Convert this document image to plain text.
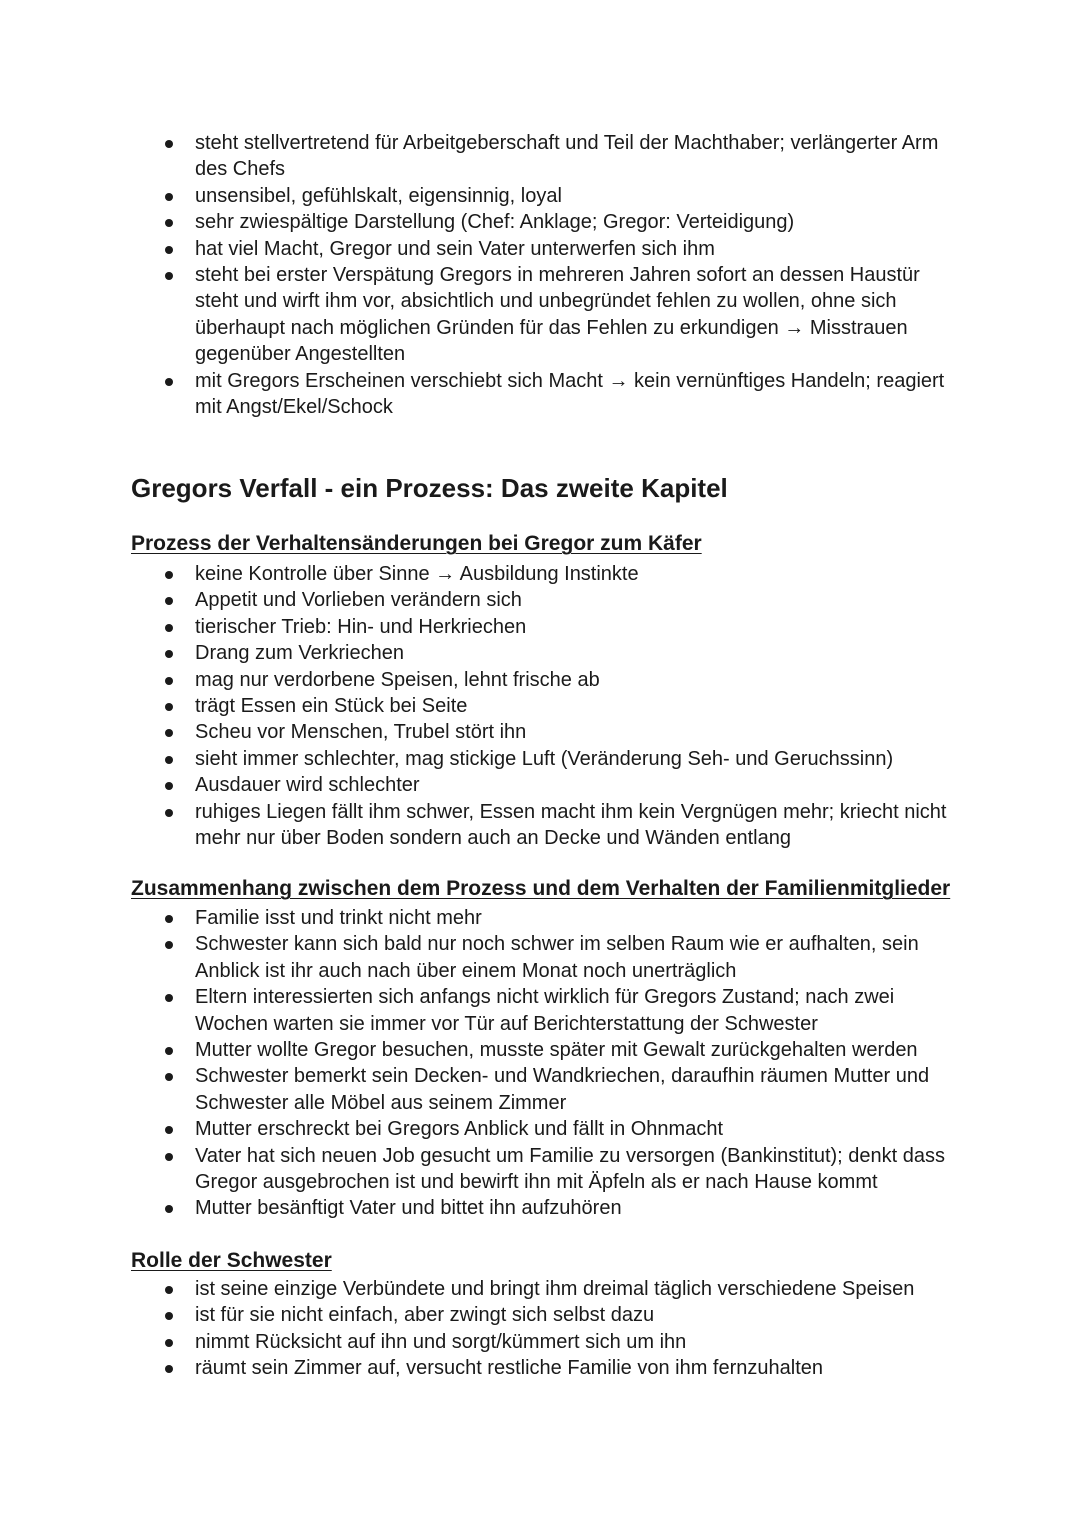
steht stellvertretend für Arbeitgeberschaft und Teil der Machthaber; verlängerter Arm des Chefs
unsensibel, gefühlskalt, eigensinnig, loyal
sehr zwiespältige Darstellung (Chef: Anklage; Gregor: Verteidigung)
hat viel Macht, Gregor und sein Vater unterwerfen sich ihm
steht bei erster Verspätung Gregors in mehreren Jahren sofort an dessen Haustür steht und wirft ihm vor, absichtlich und unbegründet fehlen zu wollen, ohne sich überhaupt nach möglichen Gründen für das Fehlen zu erkundigen → Misstrauen gegenüber Angestellten
mit Gregors Erscheinen verschiebt sich Macht → kein vernünftiges Handeln; reagiert mit Angst/Ekel/Schock
Gregors Verfall - ein Prozess: Das zweite Kapitel
Prozess der Verhaltensänderungen bei Gregor zum Käfer
keine Kontrolle über Sinne → Ausbildung Instinkte
Appetit und Vorlieben verändern sich
tierischer Trieb: Hin- und Herkriechen
Drang zum Verkriechen
mag nur verdorbene Speisen, lehnt frische ab
trägt Essen ein Stück bei Seite
Scheu vor Menschen, Trubel stört ihn
sieht immer schlechter, mag stickige Luft (Veränderung Seh- und Geruchssinn)
Ausdauer wird schlechter
ruhiges Liegen fällt ihm schwer, Essen macht ihm kein Vergnügen mehr; kriecht nicht mehr nur über Boden sondern auch an Decke und Wänden entlang
Zusammenhang zwischen dem Prozess und dem Verhalten der Familienmitglieder
Familie isst und trinkt nicht mehr
Schwester kann sich bald nur noch schwer im selben Raum wie er aufhalten, sein Anblick ist ihr auch nach über einem Monat noch unerträglich
Eltern interessierten sich anfangs nicht wirklich für Gregors Zustand; nach zwei Wochen warten sie immer vor Tür auf Berichterstattung der Schwester
Mutter wollte Gregor besuchen, musste später mit Gewalt zurückgehalten werden
Schwester bemerkt sein Decken- und Wandkriechen, daraufhin räumen Mutter und Schwester alle Möbel aus seinem Zimmer
Mutter erschreckt bei Gregors Anblick und fällt in Ohnmacht
Vater hat sich neuen Job gesucht um Familie zu versorgen (Bankinstitut); denkt dass Gregor ausgebrochen ist und bewirft ihn mit Äpfeln als er nach Hause kommt
Mutter besänftigt Vater und bittet ihn aufzuhören
Rolle der Schwester
ist seine einzige Verbündete und bringt ihm dreimal täglich verschiedene Speisen
ist für sie nicht einfach, aber zwingt sich selbst dazu
nimmt Rücksicht auf ihn und sorgt/kümmert sich um ihn
räumt sein Zimmer auf, versucht restliche Familie von ihm fernzuhalten
